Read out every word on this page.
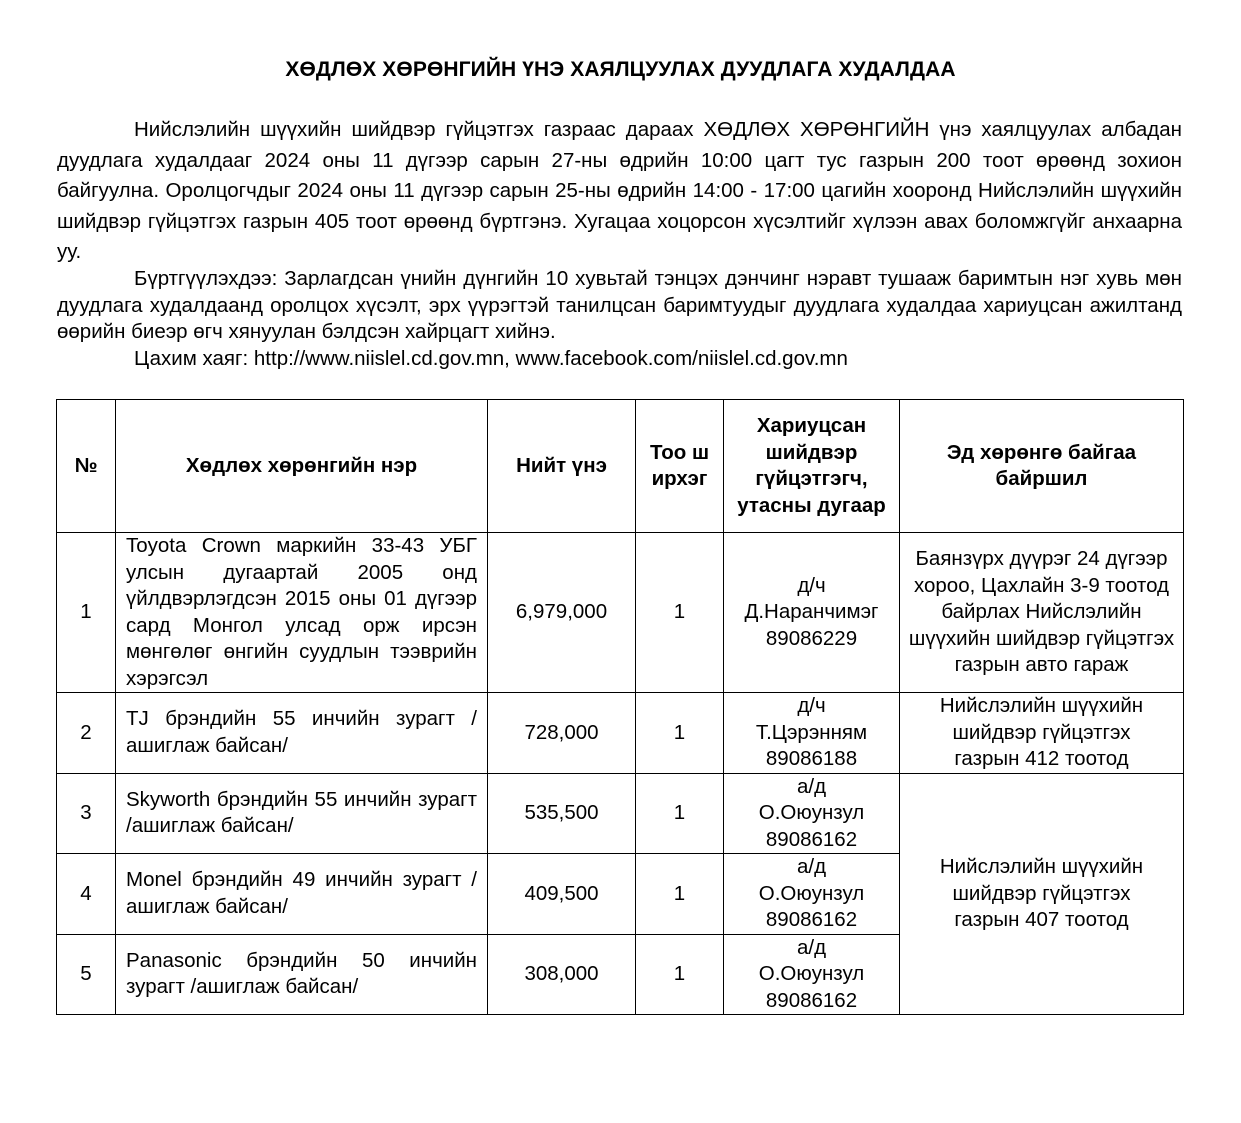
ХӨДЛӨХ ХӨРӨНГИЙН ҮНЭ ХАЯЛЦУУЛАХ ДУУДЛАГА ХУДАЛДАА

Нийслэлийн шүүхийн шийдвэр гүйцэтгэх газраас дараах ХӨДЛӨХ ХӨРӨНГИЙН үнэ хаялцуулах албадан дуудлага худалдааг 2024 оны 11 дүгээр сарын 27-ны өдрийн 10:00 цагт тус газрын 200 тоот өрөөнд зохион байгуулна. Оролцогчдыг 2024 оны 11 дүгээр сарын 25-ны өдрийн 14:00 - 17:00 цагийн хооронд Нийслэлийн шүүхийн шийдвэр гүйцэтгэх газрын 405 тоот өрөөнд бүртгэнэ. Хугацаа хоцорсон хүсэлтийг хүлээн авах боломжгүйг анхаарна уу.

Бүртгүүлэхдээ: Зарлагдсан үнийн дүнгийн 10 хувьтай тэнцэх дэнчинг нэравт тушааж баримтын нэг хувь мөн дуудлага худалдаанд оролцох хүсэлт, эрх үүрэгтэй танилцсан баримтуудыг дуудлага худалдаа хариуцсан ажилтанд өөрийн биеэр өгч хянуулан бэлдсэн хайрцагт хийнэ.

Цахим хаяг: http://www.niislel.cd.gov.mn, www.facebook.com/niislel.cd.gov.mn

№	Хөдлөх хөрөнгийн нэр	Нийт үнэ	Тоо ширхэг	Хариуцсан шийдвэр гүйцэтгэгч, утасны дугаар	Эд хөрөнгө байгаа байршил

1	Toyota Crown маркийн 33-43 УБГ улсын дугаартай 2005 онд үйлдвэрлэгдсэн 2015 оны 01 дүгээр сард Монгол улсад орж ирсэн мөнгөлөг өнгийн суудлын тээврийн хэрэгсэл	6,979,000	1	д/ч
Д.Наранчимэг
89086229	Баянзүрх дүүрэг 24 дүгээр хороо, Цахлайн 3-9 тоотод байрлах Нийслэлийн шүүхийн шийдвэр гүйцэтгэх газрын авто гараж
2	TJ брэндийн 55 инчийн зурагт /ашиглаж байсан/	728,000	1	д/ч
Т.Цэрэнням
89086188	Нийслэлийн шүүхийн шийдвэр гүйцэтгэх газрын 412 тоотод

3	Skyworth брэндийн 55 инчийн зурагт /ашиглаж байсан/	535,500	1	а/д
О.Оюунзул
89086162	Нийслэлийн шүүхийн шийдвэр гүйцэтгэх газрын 407 тоотод

4	Monel брэндийн 49 инчийн зурагт /ашиглаж байсан/	409,500	1	а/д
О.Оюунзул
89086162	

5	Panasonic брэндийн 50 инчийн зурагт /ашиглаж байсан/	308,000	1	а/д
О.Оюунзул
89086162	
